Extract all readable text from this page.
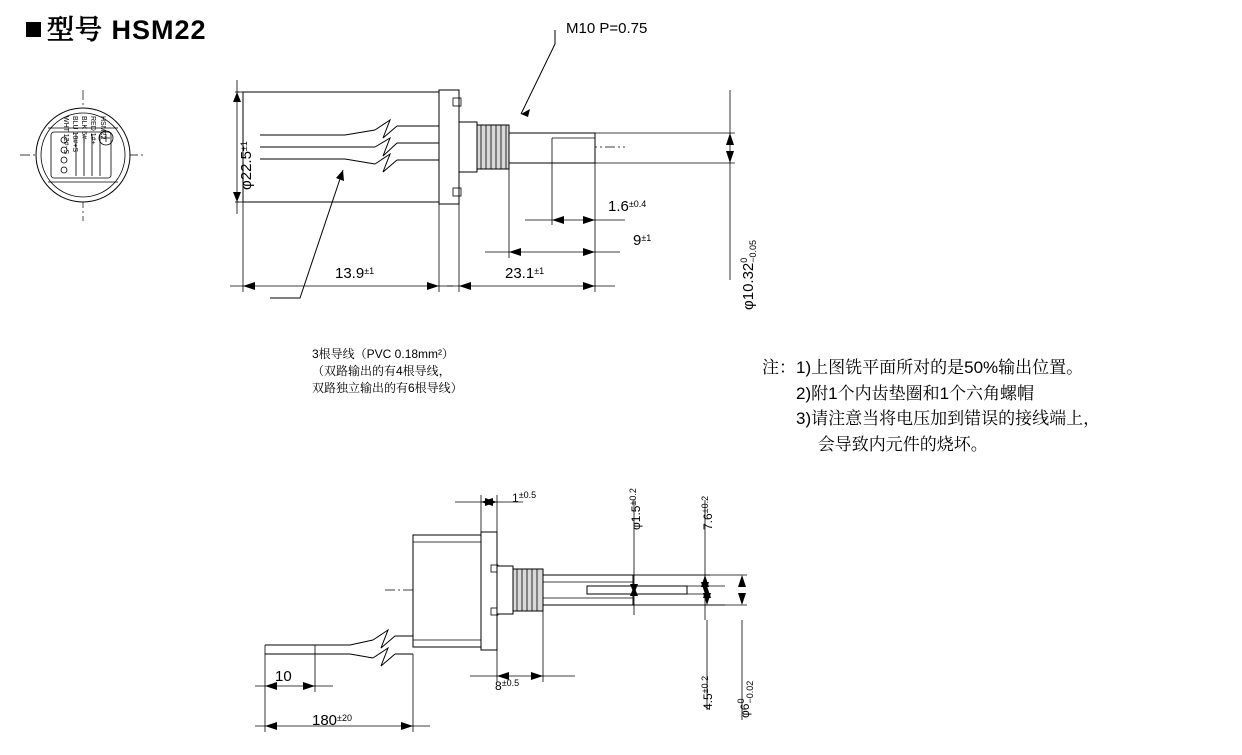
型号 HSM22
HSM22
RED 1#+
BLK 6#−
BLU 10#+S
WHT 12#−S
M10 P=0.75
$\varphi 22.5^{\pm 1}$
φ10.32
0 −0.05
$1.6^{\pm 0.4}$
$9^{\pm 1}$
$13.9^{\pm 1}$	$23.1^{\pm 1}$
3根导线（PVC 0.18mm²）
（双路输出的有4根导线，
双路独立输出的有6根导线）
注： 1)上图铣平面所对的是50%输出位置。
2)附1个内齿垫圈和1个六角螺帽
3)请注意当将电压加到错误的接线端上，
　 会导致内元件的烧坏。
$1^{\pm 0.5}$
$\varphi 1.5^{\pm 0.2}$
$7.6^{\pm 0.2}$
$8^{\pm 0.5}$
$4.5^{\pm 0.2}$
φ6
0 −0.02
10
$180^{\pm 20}$
